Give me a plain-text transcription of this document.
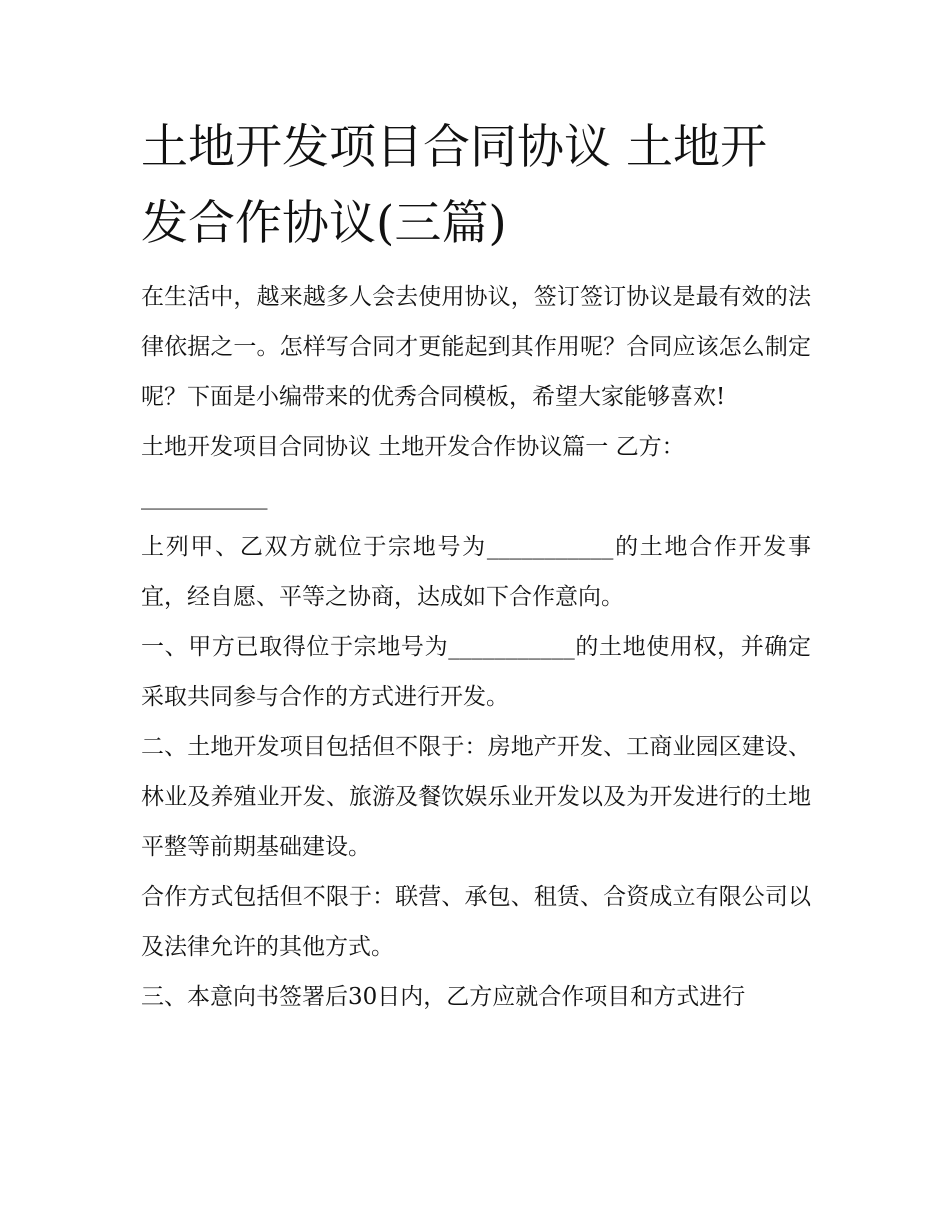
土地开发项目合同协议 土地开发合作协议(三篇)

在生活中，越来越多人会去使用协议，签订签订协议是最有效的法律依据之一。怎样写合同才更能起到其作用呢？合同应该怎么制定呢？下面是小编带来的优秀合同模板，希望大家能够喜欢!

土地开发项目合同协议 土地开发合作协议篇一 乙方：

___________

上列甲、乙双方就位于宗地号为___________的土地合作开发事宜，经自愿、平等之协商，达成如下合作意向。

一、甲方已取得位于宗地号为___________的土地使用权，并确定采取共同参与合作的方式进行开发。

二、土地开发项目包括但不限于：房地产开发、工商业园区建设、林业及养殖业开发、旅游及餐饮娱乐业开发以及为开发进行的土地平整等前期基础建设。

合作方式包括但不限于：联营、承包、租赁、合资成立有限公司以及法律允许的其他方式。

三、本意向书签署后30日内，乙方应就合作项目和方式进行
